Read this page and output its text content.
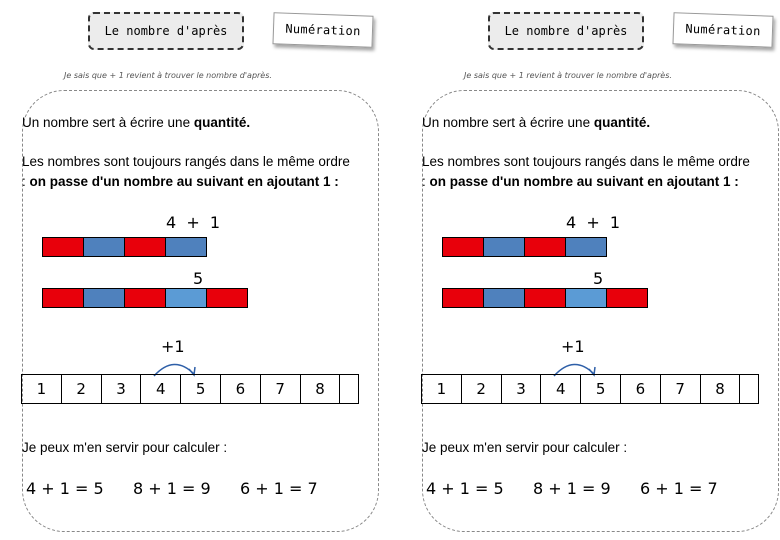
Le nombre d'après	Numération
Je sais que + 1 revient à trouver le nombre d'après.
Un nombre sert à écrire une quantité.
Les nombres sont toujours rangés dans le même ordre : on passe d'un nombre au suivant en ajoutant 1 :
4  +  1
5
+1
1	2	3	4	5	6	7	8
Je peux m'en servir pour calculer :
4 + 1 = 5 8 + 1 = 9 6 + 1 = 7
Le nombre d'après	Numération
Je sais que + 1 revient à trouver le nombre d'après.
Un nombre sert à écrire une quantité.
Les nombres sont toujours rangés dans le même ordre : on passe d'un nombre au suivant en ajoutant 1 :
4  +  1
5
+1
1	2	3	4	5	6	7	8
Je peux m'en servir pour calculer :
4 + 1 = 5 8 + 1 = 9 6 + 1 = 7
